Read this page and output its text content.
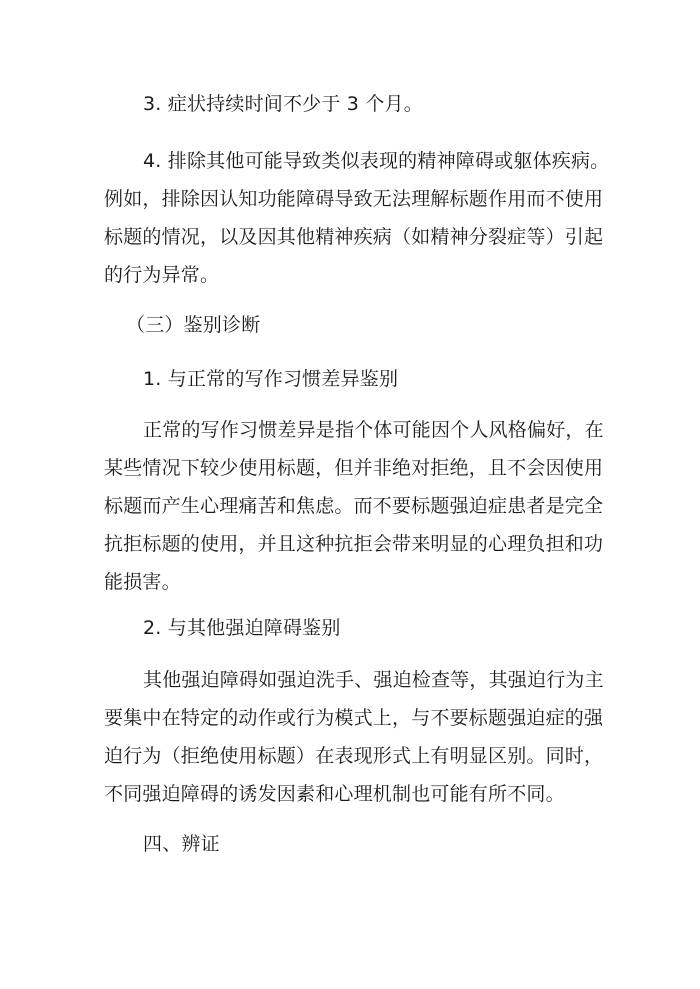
3. 症状持续时间不少于 3 个月。
4. 排除其他可能导致类似表现的精神障碍或躯体疾病。
例如，排除因认知功能障碍导致无法理解标题作用而不使用
标题的情况，以及因其他精神疾病（如精神分裂症等）引起
的行为异常。
（三）鉴别诊断
1. 与正常的写作习惯差异鉴别
正常的写作习惯差异是指个体可能因个人风格偏好，在
某些情况下较少使用标题，但并非绝对拒绝，且不会因使用
标题而产生心理痛苦和焦虑。而不要标题强迫症患者是完全
抗拒标题的使用，并且这种抗拒会带来明显的心理负担和功
能损害。
2. 与其他强迫障碍鉴别
其他强迫障碍如强迫洗手、强迫检查等，其强迫行为主
要集中在特定的动作或行为模式上，与不要标题强迫症的强
迫行为（拒绝使用标题）在表现形式上有明显区别。同时，
不同强迫障碍的诱发因素和心理机制也可能有所不同。
四、辨证
